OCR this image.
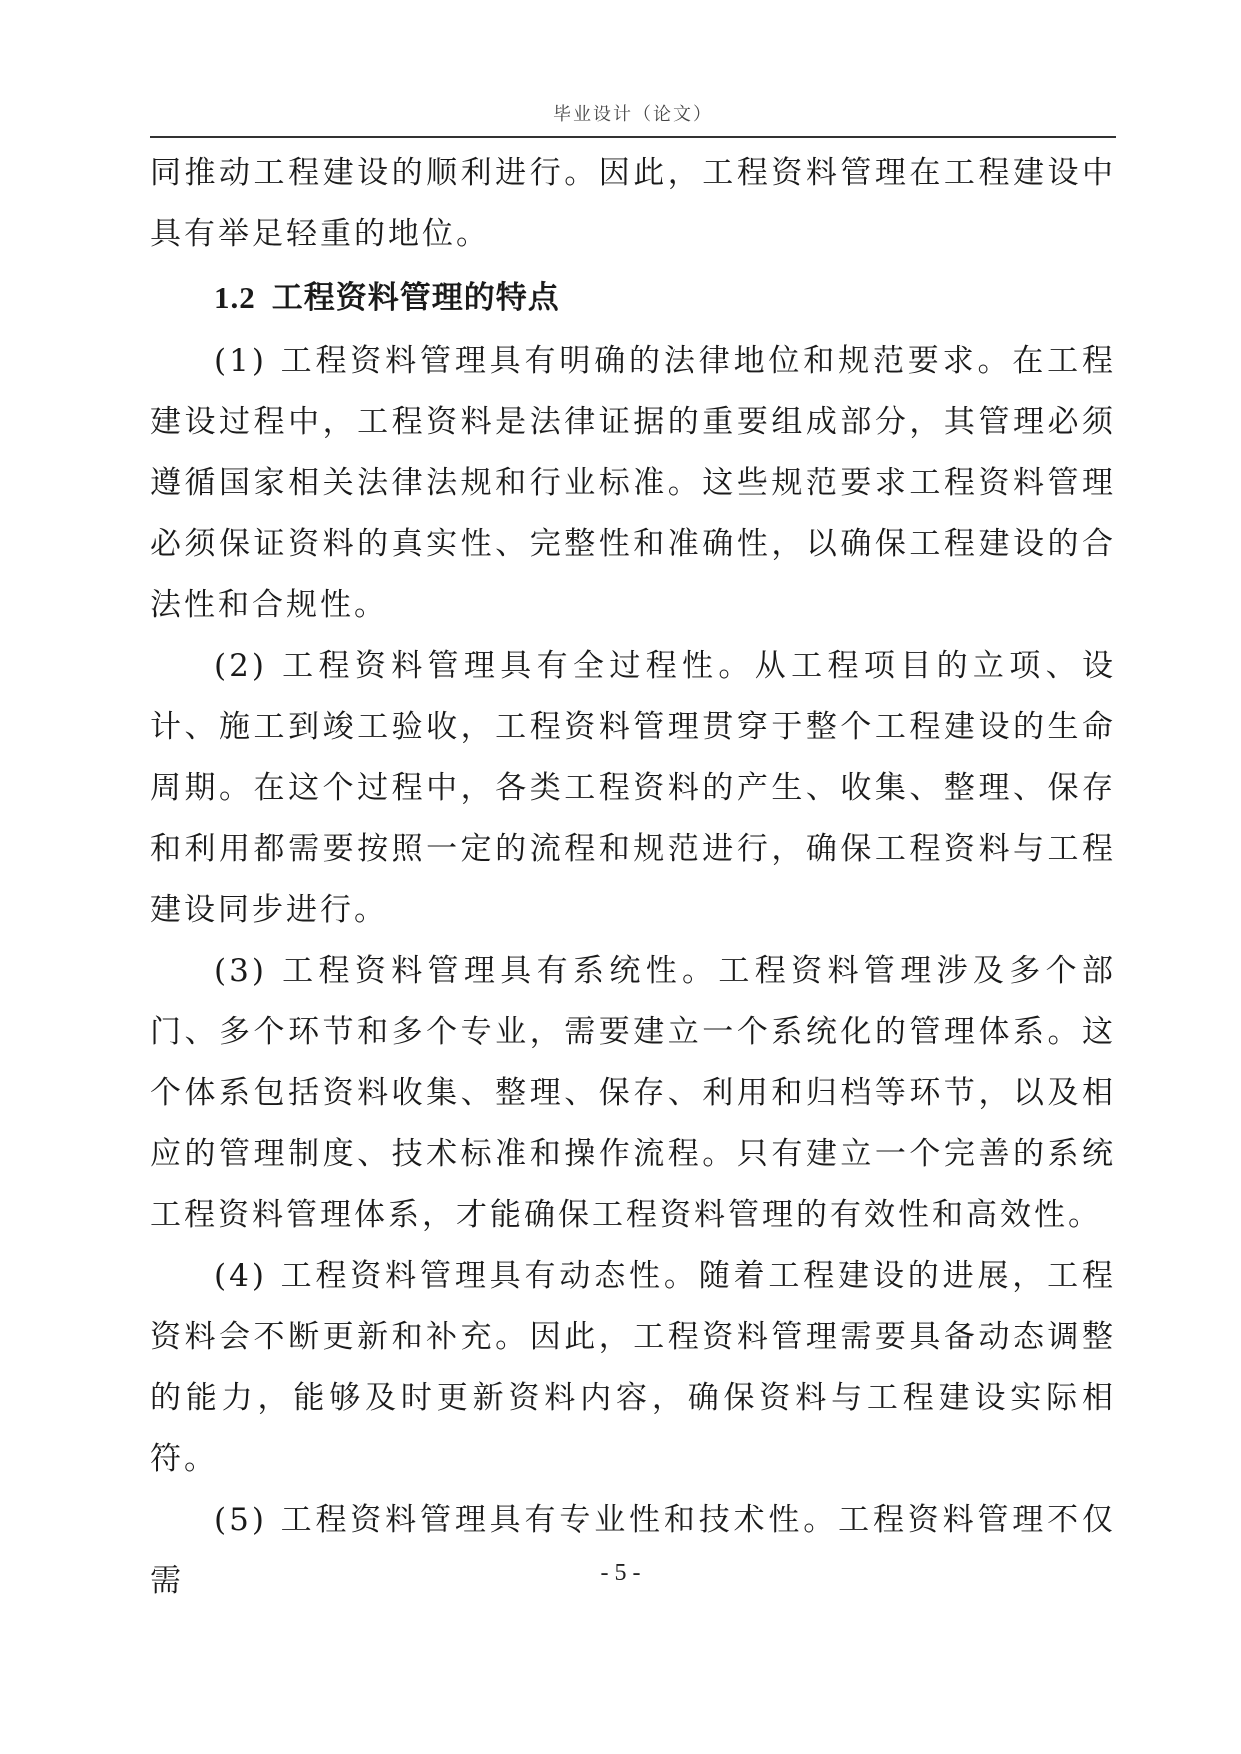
毕业设计（论文）

同推动工程建设的顺利进行。因此，工程资料管理在工程建设中具有举足轻重的地位。

1.2 工程资料管理的特点

(1) 工程资料管理具有明确的法律地位和规范要求。在工程建设过程中，工程资料是法律证据的重要组成部分，其管理必须遵循国家相关法律法规和行业标准。这些规范要求工程资料管理必须保证资料的真实性、完整性和准确性，以确保工程建设的合法性和合规性。

(2) 工程资料管理具有全过程性。从工程项目的立项、设计、施工到竣工验收，工程资料管理贯穿于整个工程建设的生命周期。在这个过程中，各类工程资料的产生、收集、整理、保存和利用都需要按照一定的流程和规范进行，确保工程资料与工程建设同步进行。

(3) 工程资料管理具有系统性。工程资料管理涉及多个部门、多个环节和多个专业，需要建立一个系统化的管理体系。这个体系包括资料收集、整理、保存、利用和归档等环节，以及相应的管理制度、技术标准和操作流程。只有建立一个完善的系统工程资料管理体系，才能确保工程资料管理的有效性和高效性。

(4) 工程资料管理具有动态性。随着工程建设的进展，工程资料会不断更新和补充。因此，工程资料管理需要具备动态调整的能力，能够及时更新资料内容，确保资料与工程建设实际相符。

(5) 工程资料管理具有专业性和技术性。工程资料管理不仅需	- 5 -
